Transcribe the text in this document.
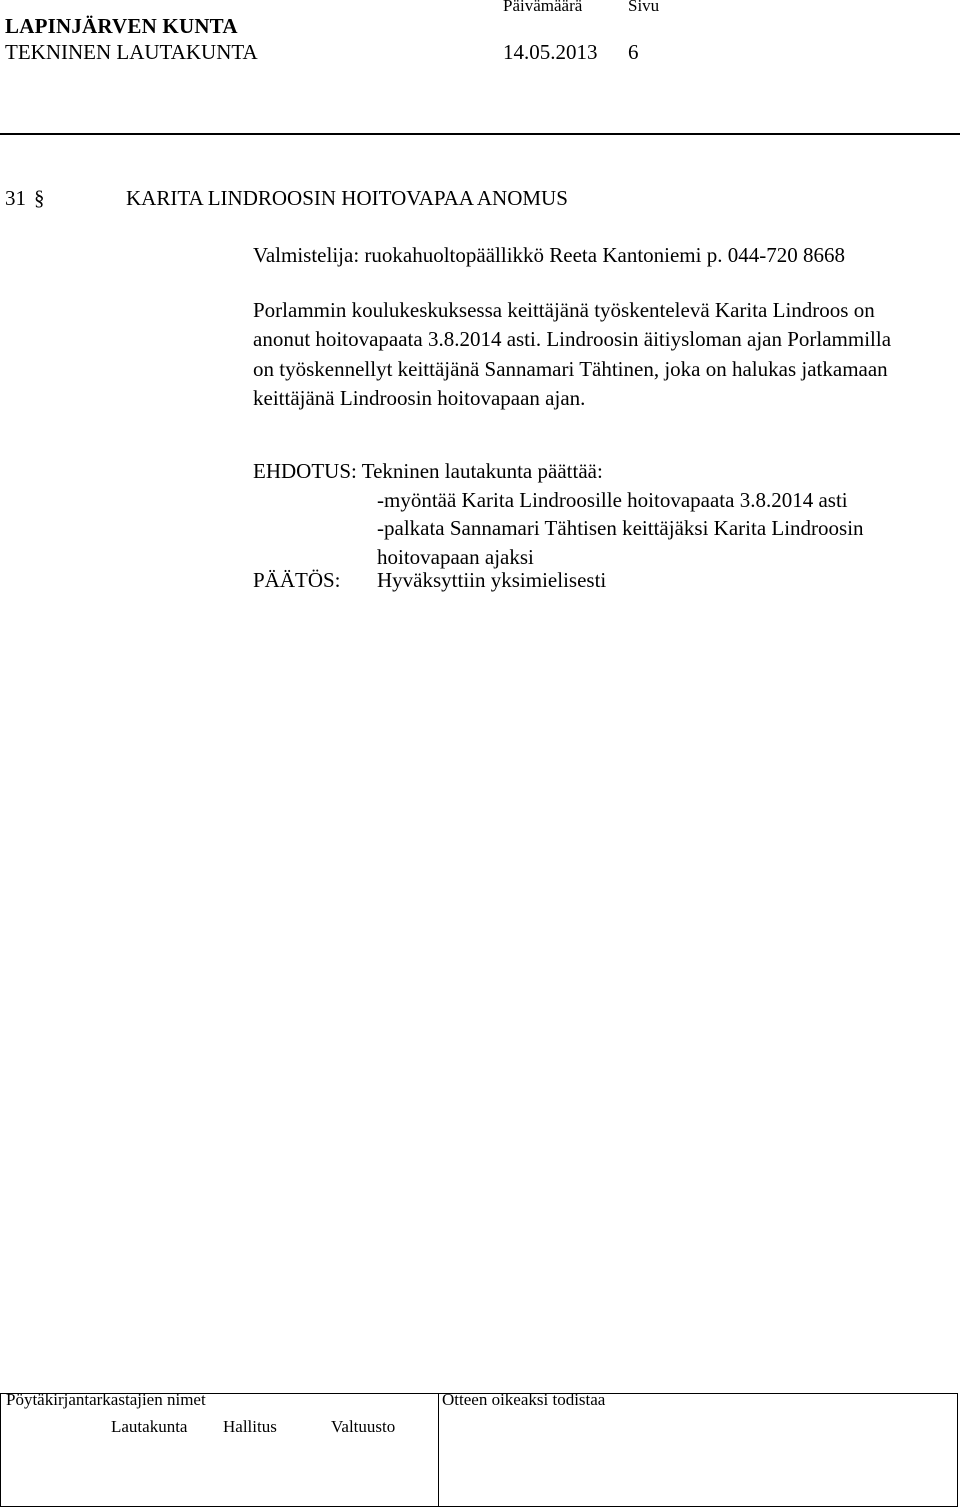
LAPINJÄRVEN KUNTA
TEKNINEN LAUTAKUNTA
Päivämäärä	Sivu
14.05.2013 6
31 §	KARITA LINDROOSIN HOITOVAPAA ANOMUS
Valmistelija: ruokahuoltopäällikkö Reeta Kantoniemi p. 044-720 8668

Porlammin koulukeskuksessa keittäjänä työskentelevä Karita Lindroos on
anonut hoitovapaata 3.8.2014 asti. Lindroosin äitiysloman ajan Porlammilla
on työskennellyt keittäjänä Sannamari Tähtinen, joka on halukas jatkamaan
keittäjänä Lindroosin hoitovapaan ajan.

EHDOTUS: Tekninen lautakunta päättää:
-myöntää Karita Lindroosille hoitovapaata 3.8.2014 asti
-palkata Sannamari Tähtisen keittäjäksi Karita Lindroosin
hoitovapaan ajaksi
PÄÄTÖS: Hyväksyttiin yksimielisesti
Pöytäkirjantarkastajien nimet	Otteen oikeaksi todistaa
Lautakunta Hallitus	Valtuusto
